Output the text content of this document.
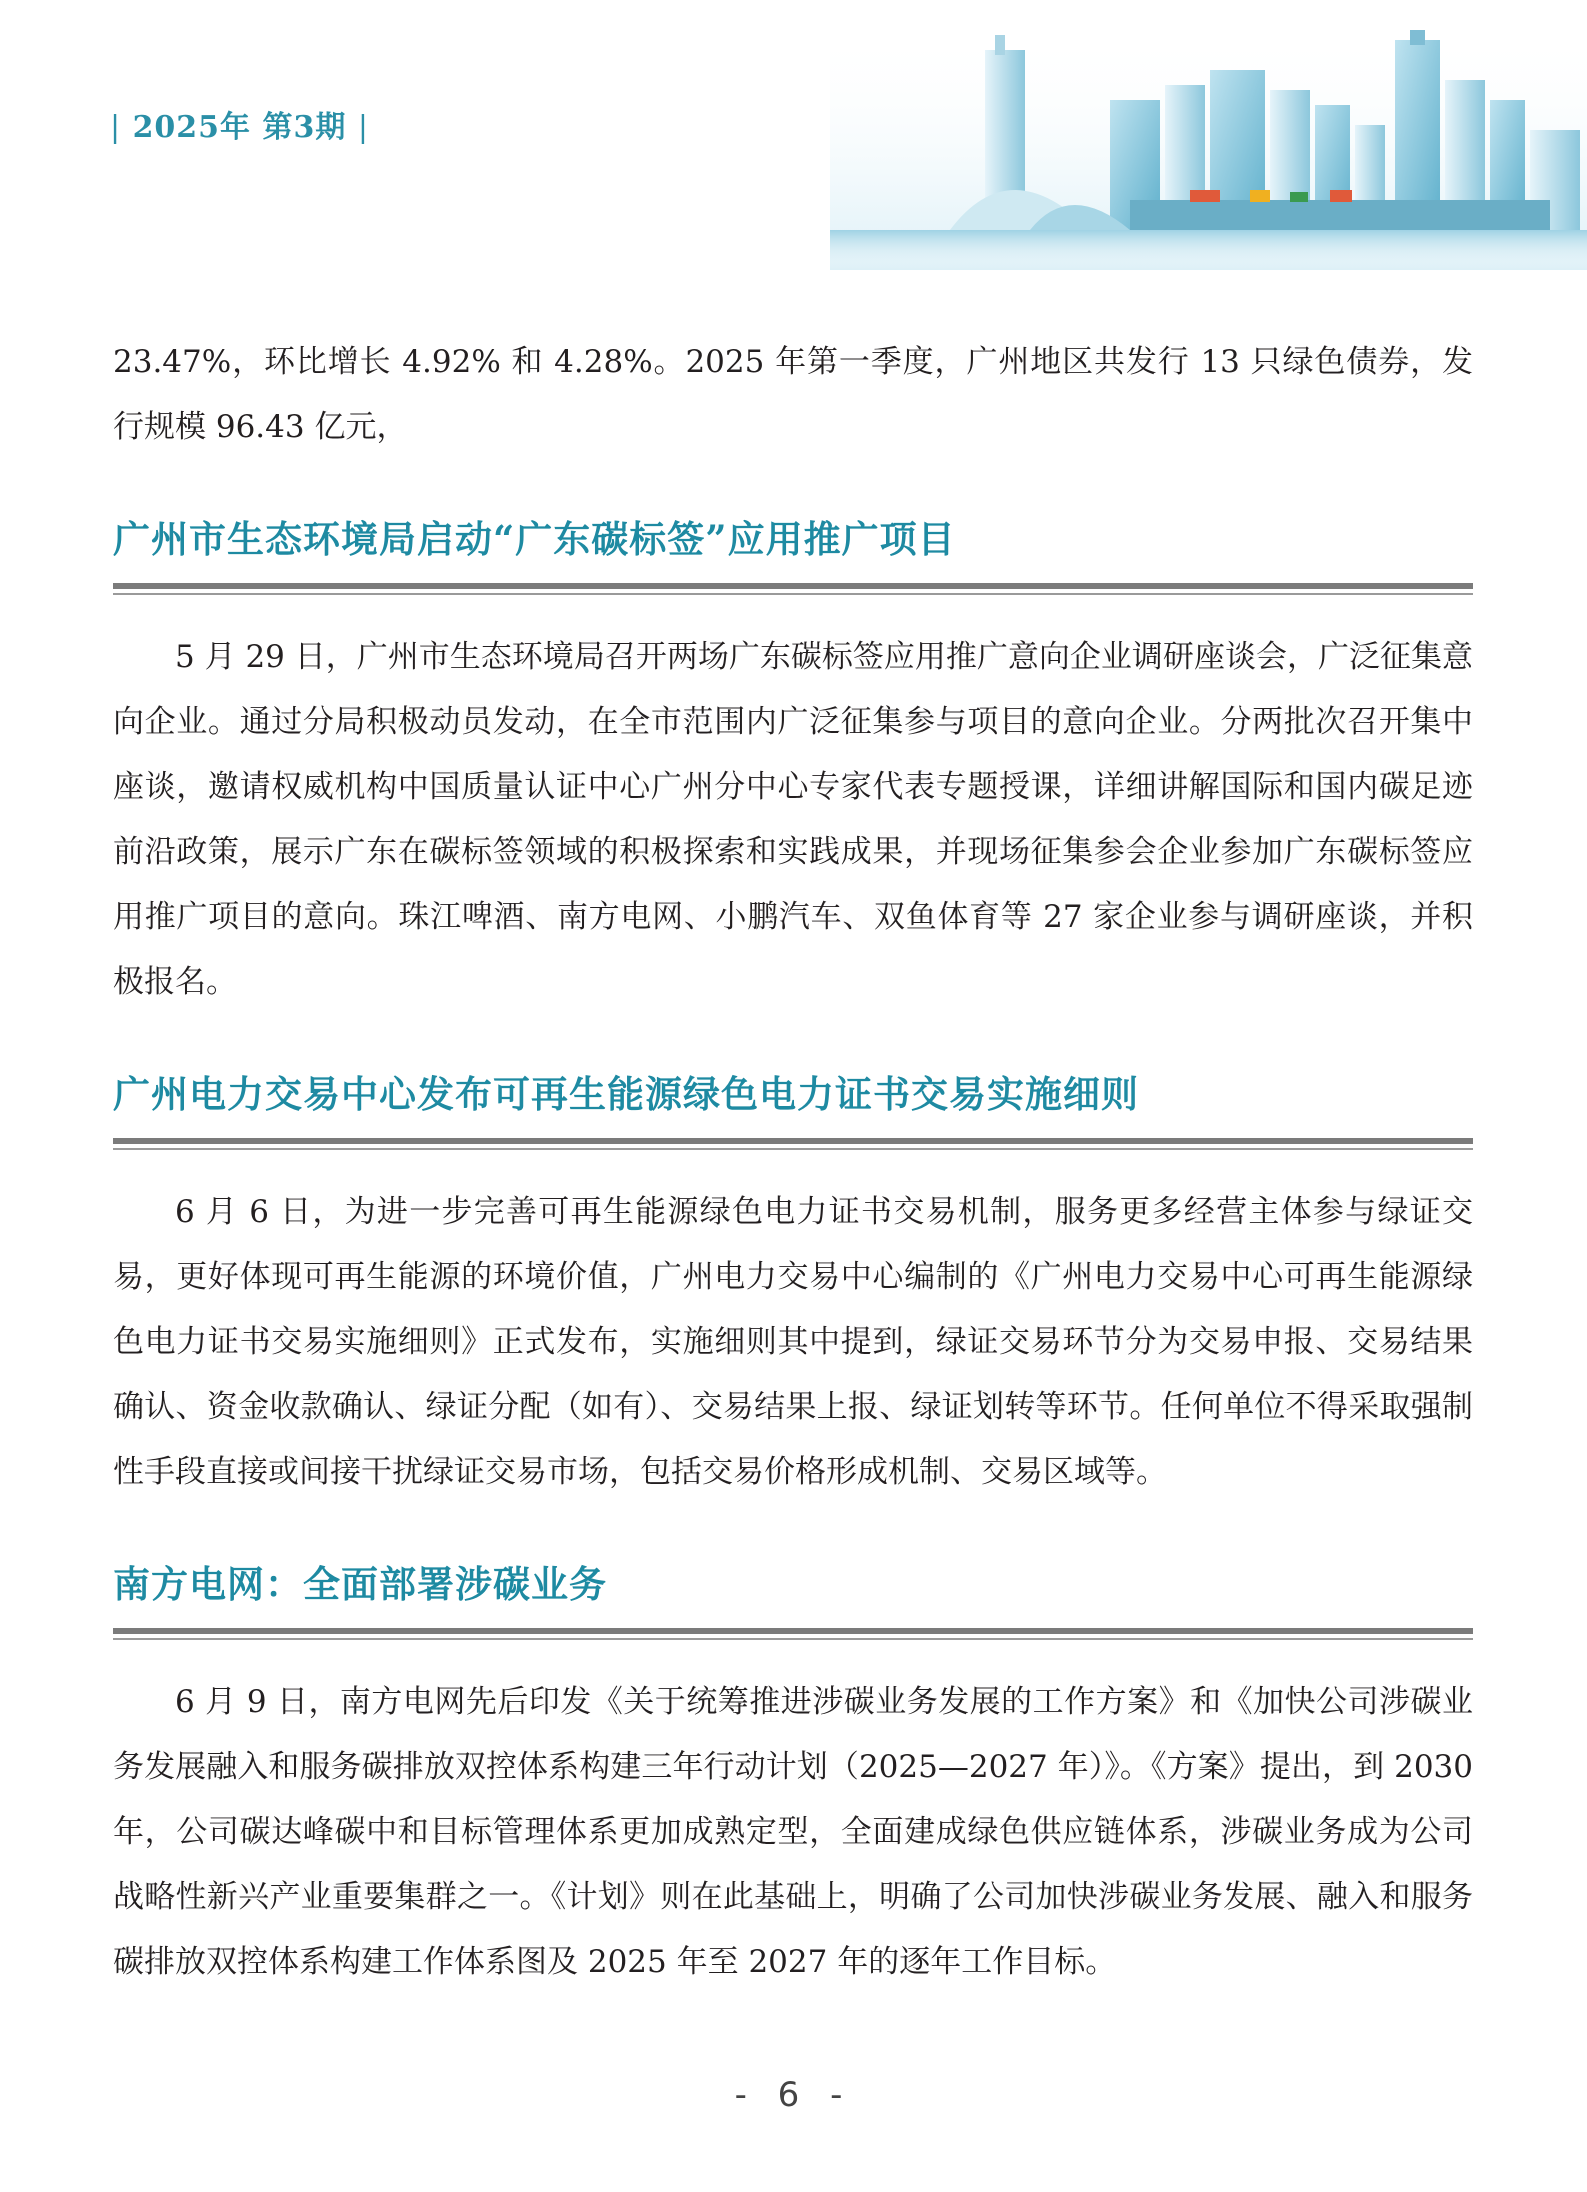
| 2025年 第3期 |

23.47%，环比增长 4.92% 和 4.28%。2025 年第一季度，广州地区共发行 13 只绿色债券，发行规模 96.43 亿元，

广州市生态环境局启动“广东碳标签”应用推广项目

5 月 29 日，广州市生态环境局召开两场广东碳标签应用推广意向企业调研座谈会，广泛征集意向企业。通过分局积极动员发动，在全市范围内广泛征集参与项目的意向企业。分两批次召开集中座谈，邀请权威机构中国质量认证中心广州分中心专家代表专题授课，详细讲解国际和国内碳足迹前沿政策，展示广东在碳标签领域的积极探索和实践成果，并现场征集参会企业参加广东碳标签应用推广项目的意向。珠江啤酒、南方电网、小鹏汽车、双鱼体育等 27 家企业参与调研座谈，并积极报名。

广州电力交易中心发布可再生能源绿色电力证书交易实施细则

6 月 6 日，为进一步完善可再生能源绿色电力证书交易机制，服务更多经营主体参与绿证交易，更好体现可再生能源的环境价值，广州电力交易中心编制的《广州电力交易中心可再生能源绿色电力证书交易实施细则》正式发布，实施细则其中提到，绿证交易环节分为交易申报、交易结果确认、资金收款确认、绿证分配（如有）、交易结果上报、绿证划转等环节。任何单位不得采取强制性手段直接或间接干扰绿证交易市场，包括交易价格形成机制、交易区域等。

南方电网：全面部署涉碳业务

6 月 9 日，南方电网先后印发《关于统筹推进涉碳业务发展的工作方案》和《加快公司涉碳业务发展融入和服务碳排放双控体系构建三年行动计划（2025—2027 年）》。《方案》提出，到 2030 年，公司碳达峰碳中和目标管理体系更加成熟定型，全面建成绿色供应链体系，涉碳业务成为公司战略性新兴产业重要集群之一。《计划》则在此基础上，明确了公司加快涉碳业务发展、融入和服务碳排放双控体系构建工作体系图及 2025 年至 2027 年的逐年工作目标。

- 6 -
